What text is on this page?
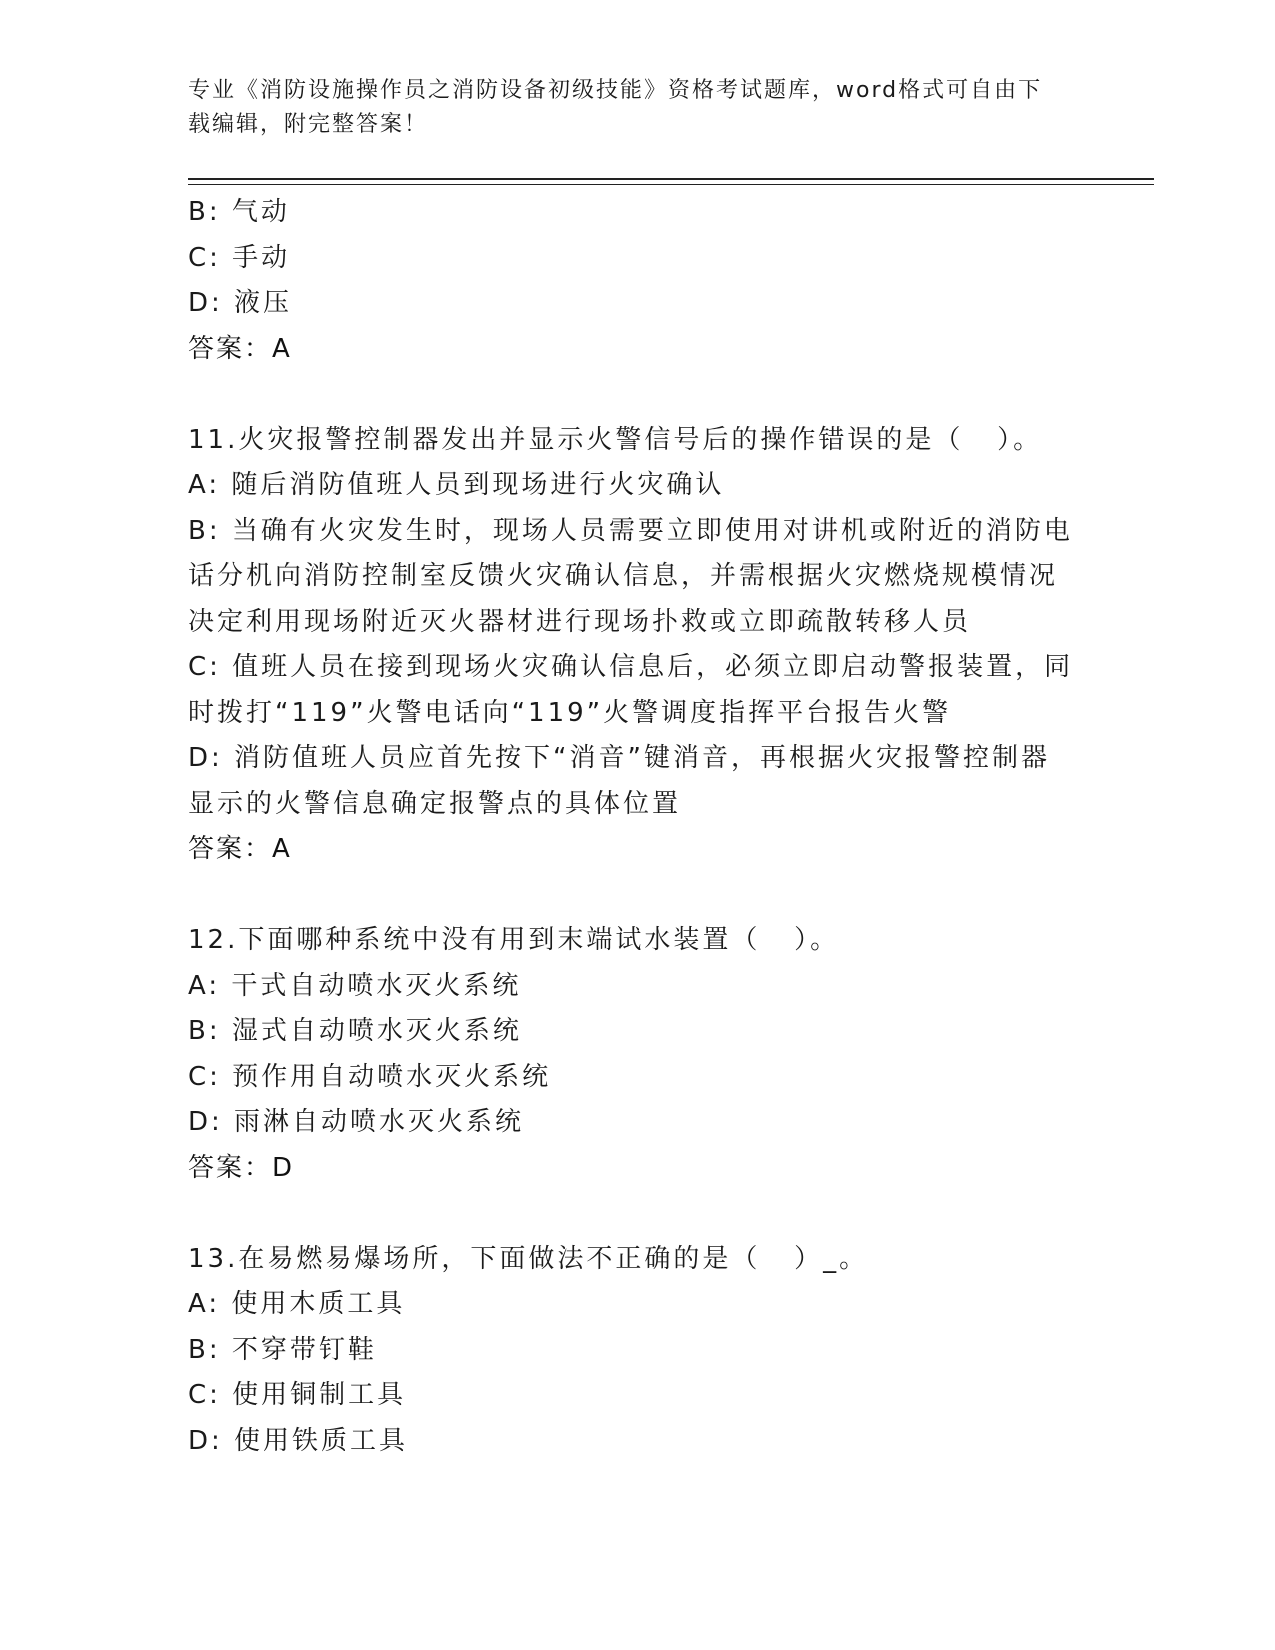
专业《消防设施操作员之消防设备初级技能》资格考试题库，word格式可自由下
载编辑，附完整答案！
B: 气动
C: 手动
D: 液压
答案：A
11.火灾报警控制器发出并显示火警信号后的操作错误的是（   ）。
A: 随后消防值班人员到现场进行火灾确认
B: 当确有火灾发生时，现场人员需要立即使用对讲机或附近的消防电
话分机向消防控制室反馈火灾确认信息，并需根据火灾燃烧规模情况
决定利用现场附近灭火器材进行现场扑救或立即疏散转移人员
C: 值班人员在接到现场火灾确认信息后，必须立即启动警报装置，同
时拨打“119”火警电话向“119”火警调度指挥平台报告火警
D: 消防值班人员应首先按下“消音”键消音，再根据火灾报警控制器
显示的火警信息确定报警点的具体位置
答案：A
12.下面哪种系统中没有用到末端试水装置（   ）。
A: 干式自动喷水灭火系统
B: 湿式自动喷水灭火系统
C: 预作用自动喷水灭火系统
D: 雨淋自动喷水灭火系统
答案：D
13.在易燃易爆场所，下面做法不正确的是（   ）_。
A: 使用木质工具
B: 不穿带钉鞋
C: 使用铜制工具
D: 使用铁质工具
